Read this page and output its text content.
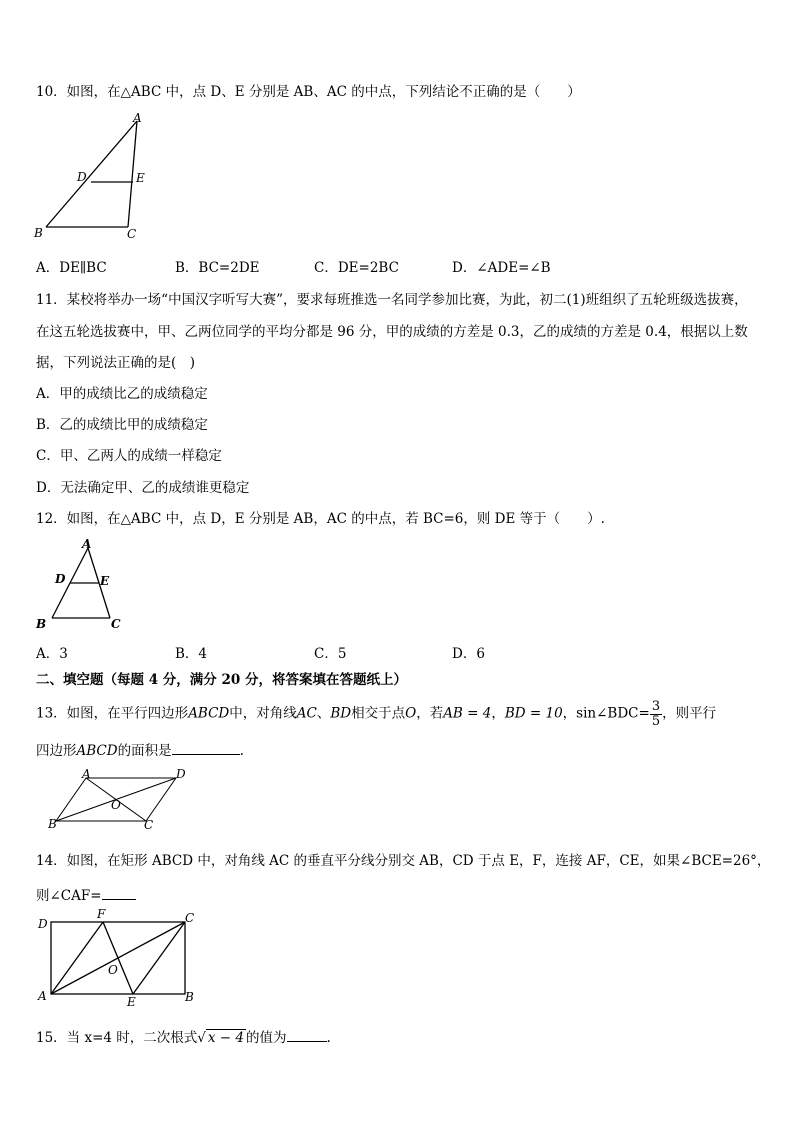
10．如图，在△ABC 中，点 D、E 分别是 AB、AC 的中点，下列结论不正确的是（　　）
A
B	C
D	E
A．DE∥BC	B．BC=2DE	C．DE=2BC	D．∠ADE=∠B
11．某校将举办一场“中国汉字听写大赛”，要求每班推选一名同学参加比赛，为此，初二(1)班组织了五轮班级选拔赛，
在这五轮选拔赛中，甲、乙两位同学的平均分都是 96 分，甲的成绩的方差是 0.3，乙的成绩的方差是 0.4，根据以上数
据，下列说法正确的是(　)
A．甲的成绩比乙的成绩稳定
B．乙的成绩比甲的成绩稳定
C．甲、乙两人的成绩一样稳定
D．无法确定甲、乙的成绩谁更稳定
12．如图，在△ABC 中，点 D，E 分别是 AB，AC 的中点，若 BC=6，则 DE 等于（　　）.
A
B	C
D	E
A．3	B．4	C．5	D．6
二、填空题（每题 4 分，满分 20 分，将答案填在答题纸上）
13．如图，在平行四边形ABCD中，对角线AC、BD相交于点O，若AB = 4，BD = 10，sin∠BDC= $\frac{3}{5}$ ，则平行
四边形ABCD的面积是	.
A	D
B	C
O
14．如图，在矩形 ABCD 中，对角线 AC 的垂直平分线分别交 AB，CD 于点 E，F，连接 AF，CE，如果∠BCE=26°，
则∠CAF=
D	C
A	B
F
E
O
15．当 x=4 时，二次根式√ x − 4 的值为	.
